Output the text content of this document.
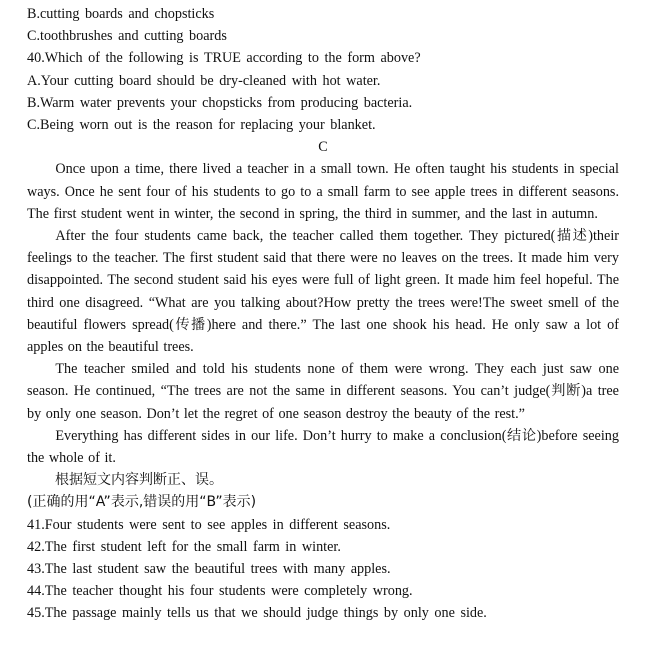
B.cutting boards and chopsticks
C.toothbrushes and cutting boards
40.Which of the following is TRUE according to the form above?
A.Your cutting board should be dry-cleaned with hot water.
B.Warm water prevents your chopsticks from producing bacteria.
C.Being worn out is the reason for replacing your blanket.
C

Once upon a time, there lived a teacher in a small town. He often taught his students in special ways. Once he sent four of his students to go to a small farm to see apple trees in different seasons. The first student went in winter, the second in spring, the third in summer, and the last in autumn.

After the four students came back, the teacher called them together. They pictured(描述)their feelings to the teacher. The first student said that there were no leaves on the trees. It made him very disappointed. The second student said his eyes were full of light green. It made him feel hopeful. The third one disagreed. “What are you talking about?How pretty the trees were!The sweet smell of the beautiful flowers spread(传播)here and there.” The last one shook his head. He only saw a lot of apples on the beautiful trees.

The teacher smiled and told his students none of them were wrong. They each just saw one season. He continued, “The trees are not the same in different seasons. You can’t judge(判断)a tree by only one season. Don’t let the regret of one season destroy the beauty of the rest.”

Everything has different sides in our life. Don’t hurry to make a conclusion(结论)before seeing the whole of it.

根据短文内容判断正、误。
(正确的用“A”表示,错误的用“B”表示)
41.Four students were sent to see apples in different seasons.
42.The first student left for the small farm in winter.
43.The last student saw the beautiful trees with many apples.
44.The teacher thought his four students were completely wrong.
45.The passage mainly tells us that we should judge things by only one side.
